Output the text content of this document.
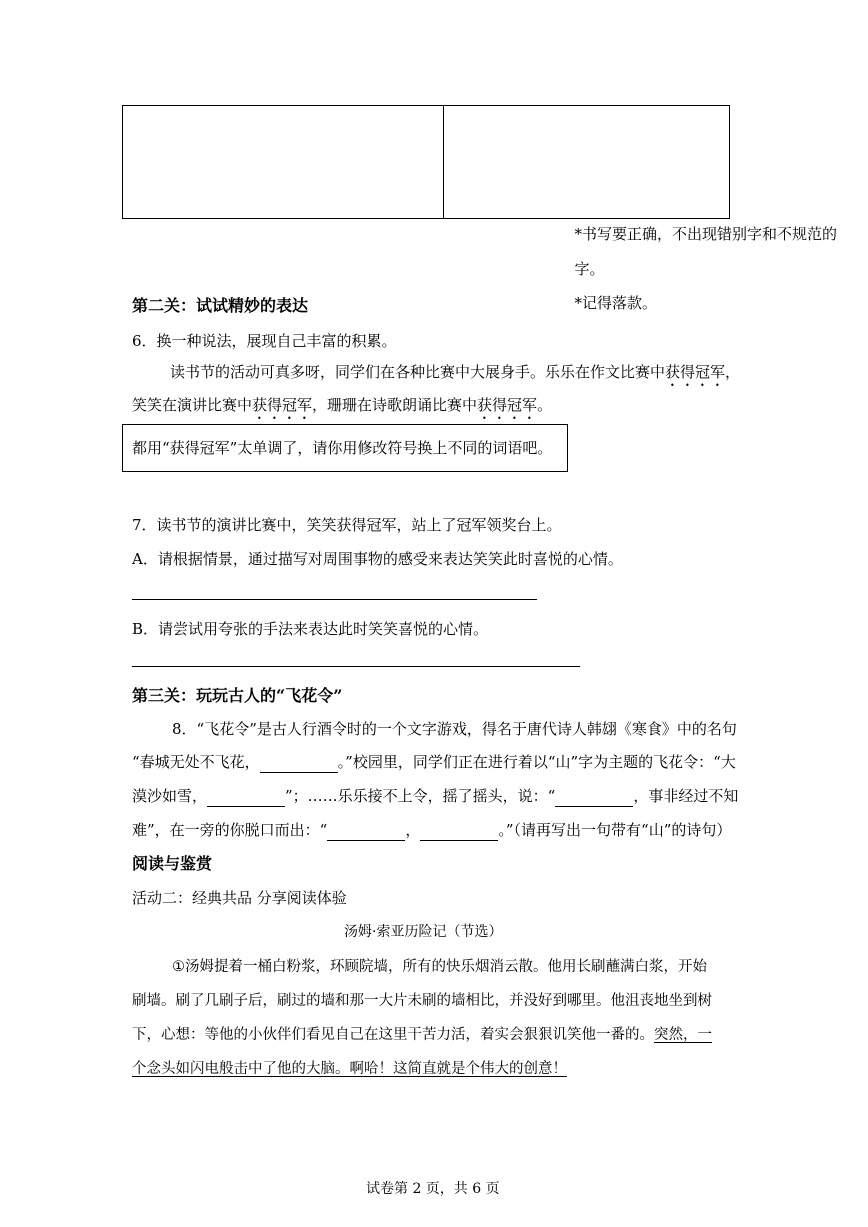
*书写要正确，不出现错别字和不规范的
字。
*记得落款。
第二关：试试精妙的表达
6．换一种说法，展现自己丰富的积累。
读书节的活动可真多呀，同学们在各种比赛中大展身手。乐乐在作文比赛中获得冠军，
笑笑在演讲比赛中获得冠军，珊珊在诗歌朗诵比赛中获得冠军。
都用“获得冠军”太单调了，请你用修改符号换上不同的词语吧。
7．读书节的演讲比赛中，笑笑获得冠军，站上了冠军领奖台上。
A．请根据情景，通过描写对周围事物的感受来表达笑笑此时喜悦的心情。
B．请尝试用夸张的手法来表达此时笑笑喜悦的心情。
第三关：玩玩古人的“飞花令”
8．“飞花令”是古人行酒令时的一个文字游戏，得名于唐代诗人韩翃《寒食》中的名句
“春城无处不飞花，	。”校园里，同学们正在进行着以“山”字为主题的飞花令：“大
漠沙如雪，	”；……乐乐接不上令，摇了摇头，说：“	，事非经过不知
难”，在一旁的你脱口而出：“	，	。”（请再写出一句带有“山”的诗句）
阅读与鉴赏
活动二：经典共品 分享阅读体验
汤姆·索亚历险记（节选）
①汤姆提着一桶白粉浆，环顾院墙，所有的快乐烟消云散。他用长刷蘸满白浆，开始
刷墙。刷了几刷子后，刷过的墙和那一大片未刷的墙相比，并没好到哪里。他沮丧地坐到树
下，心想：等他的小伙伴们看见自己在这里干苦力活，着实会狠狠讥笑他一番的。突然，一
个念头如闪电般击中了他的大脑。啊哈！这简直就是个伟大的创意！
试卷第 2 页，共 6 页
